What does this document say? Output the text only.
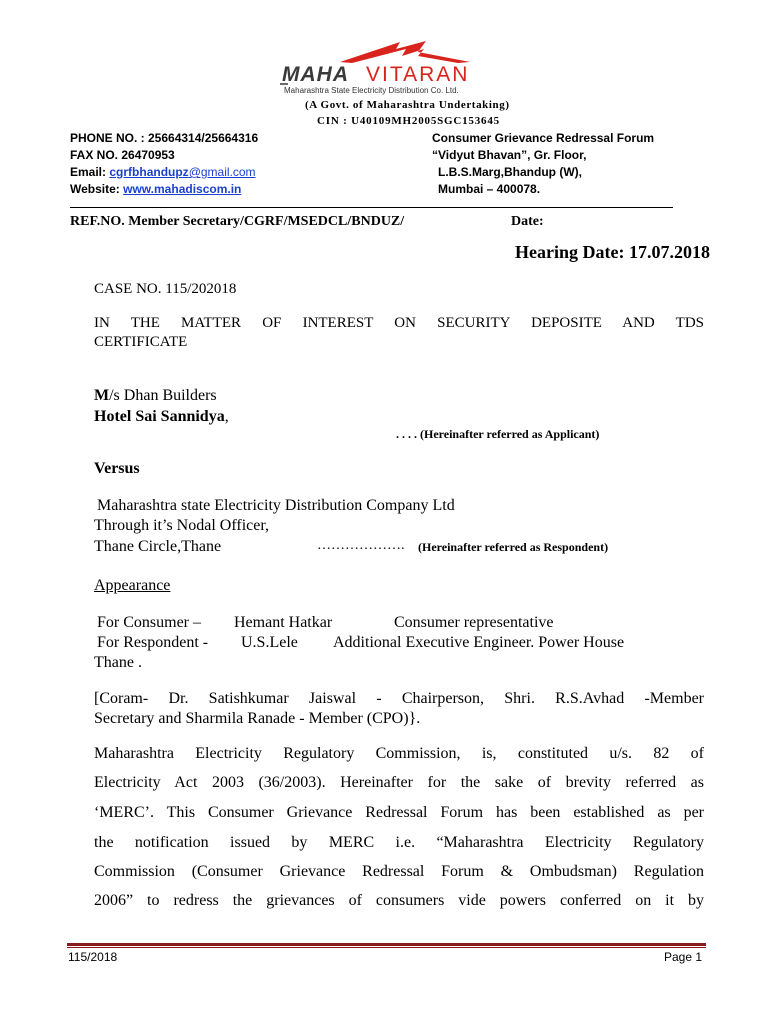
MAHA VITARAN
Maharashtra State Electricity Distribution Co. Ltd.
(A Govt. of Maharashtra Undertaking)
CIN : U40109MH2005SGC153645
PHONE NO. : 25664314/25664316
FAX NO. 26470953
Email: cgrfbhandupz@gmail.com
Website: www.mahadiscom.in
Consumer Grievance Redressal Forum
“Vidyut Bhavan”, Gr. Floor,
L.B.S.Marg,Bhandup (W),
Mumbai – 400078.
REF.NO. Member Secretary/CGRF/MSEDCL/BNDUZ/	Date:
Hearing Date: 17.07.2018
CASE NO. 115/202018
IN THE MATTER OF INTEREST ON SECURITY DEPOSITE AND TDS
CERTIFICATE
M/s Dhan Builders
Hotel Sai Sannidya,
. . . . (Hereinafter referred as Applicant)
Versus
Maharashtra state Electricity Distribution Company Ltd
Through it’s Nodal Officer,
Thane Circle,Thane	………………. (Hereinafter referred as Respondent)
Appearance
For Consumer – Hemant Hatkar	Consumer representative
For Respondent - U.S.Lele Additional Executive Engineer. Power House
Thane .
[Coram- Dr. Satishkumar Jaiswal - Chairperson, Shri. R.S.Avhad -Member
Secretary and Sharmila Ranade - Member (CPO)}.
Maharashtra Electricity Regulatory Commission, is, constituted u/s. 82 of
Electricity Act 2003 (36/2003). Hereinafter for the sake of brevity referred as
‘MERC’. This Consumer Grievance Redressal Forum has been established as per
the notification issued by MERC i.e. “Maharashtra Electricity Regulatory
Commission (Consumer Grievance Redressal Forum & Ombudsman) Regulation
2006” to redress the grievances of consumers vide powers conferred on it by
115/2018	Page 1
